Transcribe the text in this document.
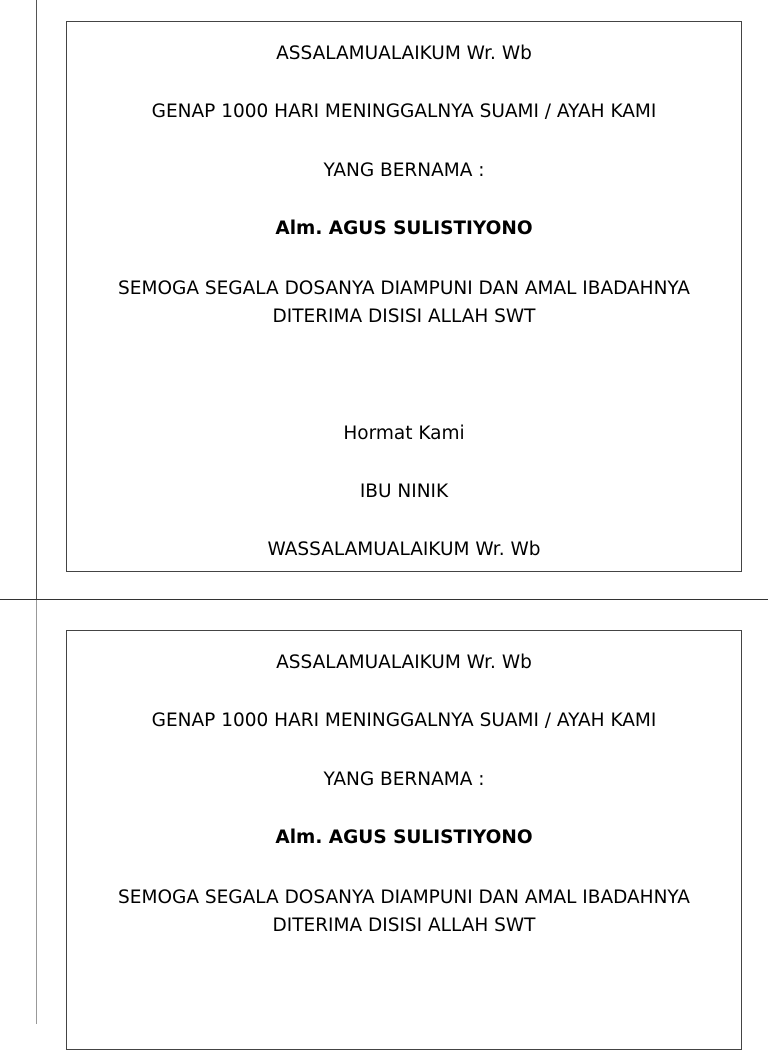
ASSALAMUALAIKUM Wr. Wb
GENAP 1000 HARI MENINGGALNYA SUAMI / AYAH KAMI
YANG BERNAMA :
Alm. AGUS SULISTIYONO
SEMOGA SEGALA DOSANYA DIAMPUNI DAN AMAL IBADAHNYA
DITERIMA DISISI ALLAH SWT
Hormat Kami
IBU NINIK
WASSALAMUALAIKUM Wr. Wb
ASSALAMUALAIKUM Wr. Wb
GENAP 1000 HARI MENINGGALNYA SUAMI / AYAH KAMI
YANG BERNAMA :
Alm. AGUS SULISTIYONO
SEMOGA SEGALA DOSANYA DIAMPUNI DAN AMAL IBADAHNYA
DITERIMA DISISI ALLAH SWT
